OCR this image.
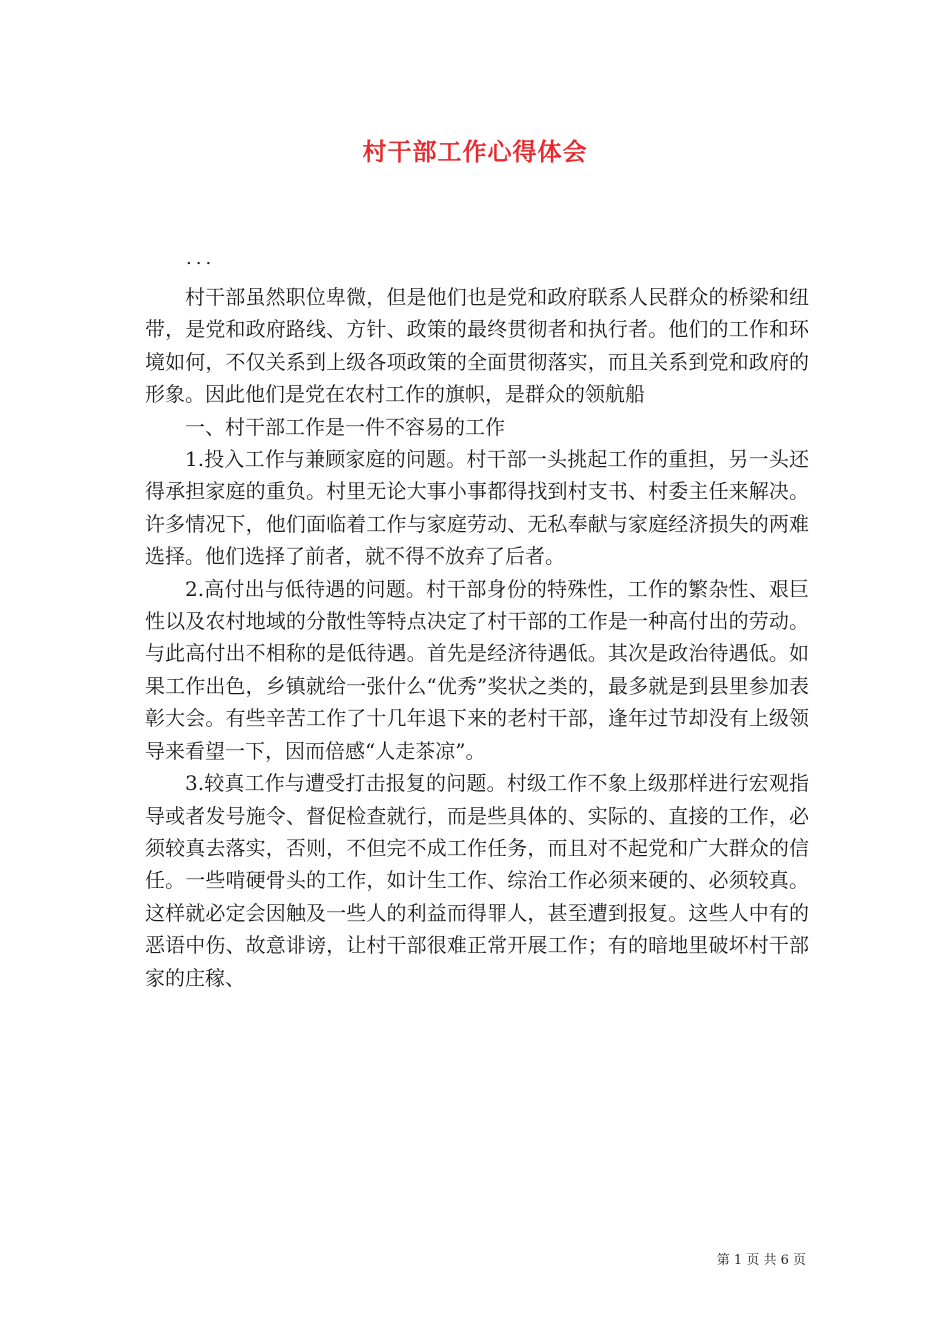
村干部工作心得体会

...

村干部虽然职位卑微，但是他们也是党和政府联系人民群众的桥梁和纽带，是党和政府路线、方针、政策的最终贯彻者和执行者。他们的工作和环境如何，不仅关系到上级各项政策的全面贯彻落实，而且关系到党和政府的形象。因此他们是党在农村工作的旗帜，是群众的领航船

一、村干部工作是一件不容易的工作

1.投入工作与兼顾家庭的问题。村干部一头挑起工作的重担，另一头还得承担家庭的重负。村里无论大事小事都得找到村支书、村委主任来解决。许多情况下，他们面临着工作与家庭劳动、无私奉献与家庭经济损失的两难选择。他们选择了前者，就不得不放弃了后者。

2.高付出与低待遇的问题。村干部身份的特殊性，工作的繁杂性、艰巨性以及农村地域的分散性等特点决定了村干部的工作是一种高付出的劳动。与此高付出不相称的是低待遇。首先是经济待遇低。其次是政治待遇低。如果工作出色，乡镇就给一张什么“优秀”奖状之类的，最多就是到县里参加表彰大会。有些辛苦工作了十几年退下来的老村干部，逢年过节却没有上级领导来看望一下，因而倍感“人走茶凉”。

3.较真工作与遭受打击报复的问题。村级工作不象上级那样进行宏观指导或者发号施令、督促检查就行，而是些具体的、实际的、直接的工作，必须较真去落实，否则，不但完不成工作任务，而且对不起党和广大群众的信任。一些啃硬骨头的工作，如计生工作、综治工作必须来硬的、必须较真。这样就必定会因触及一些人的利益而得罪人，甚至遭到报复。这些人中有的恶语中伤、故意诽谤，让村干部很难正常开展工作；有的暗地里破坏村干部家的庄稼、

第 1 页 共 6 页
